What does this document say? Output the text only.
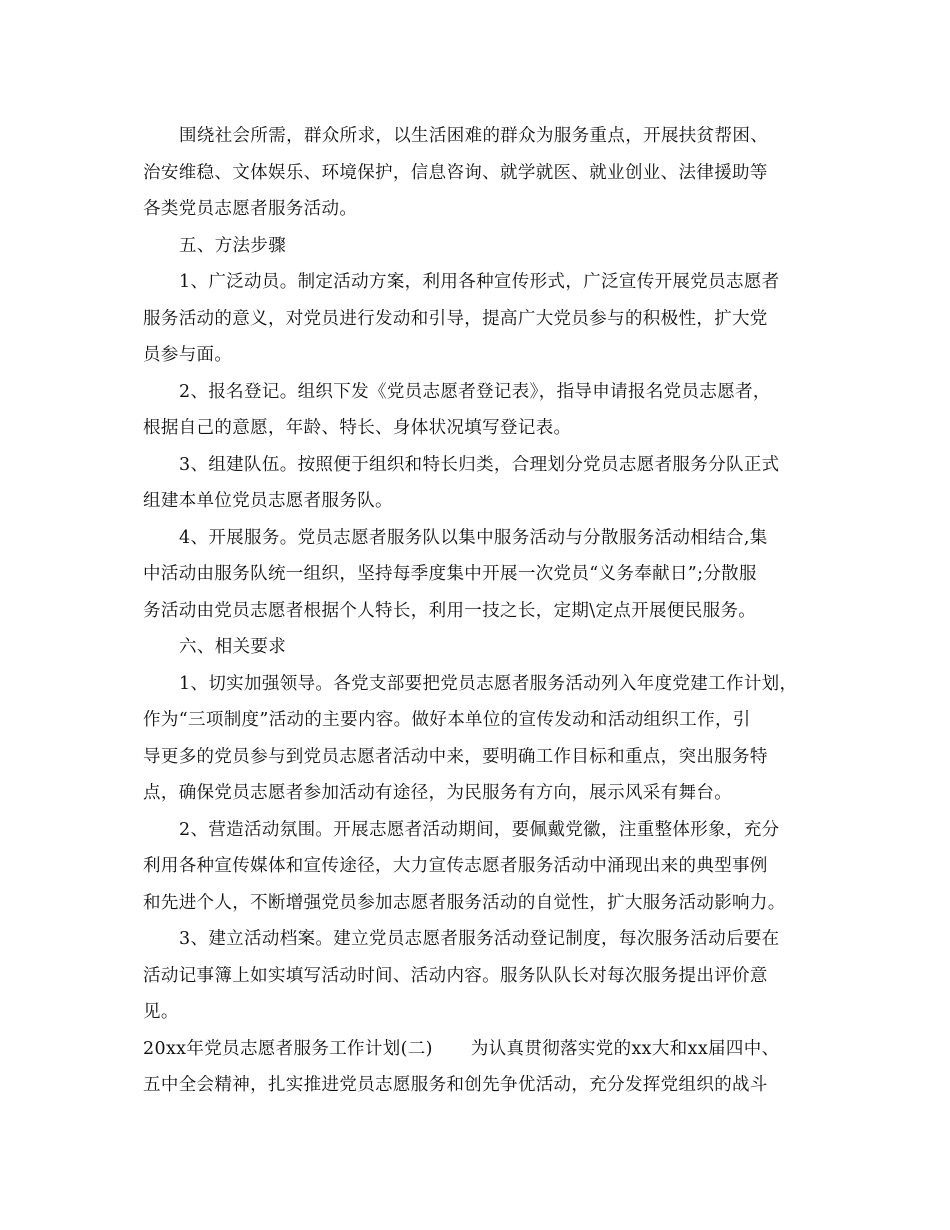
围绕社会所需，群众所求，以生活困难的群众为服务重点，开展扶贫帮困、
治安维稳、文体娱乐、环境保护，信息咨询、就学就医、就业创业、法律援助等
各类党员志愿者服务活动。
五、方法步骤
1、广泛动员。制定活动方案，利用各种宣传形式，广泛宣传开展党员志愿者
服务活动的意义，对党员进行发动和引导，提高广大党员参与的积极性，扩大党
员参与面。
2、报名登记。组织下发《党员志愿者登记表》，指导申请报名党员志愿者，
根据自己的意愿，年龄、特长、身体状况填写登记表。
3、组建队伍。按照便于组织和特长归类，合理划分党员志愿者服务分队正式
组建本单位党员志愿者服务队。
4、开展服务。党员志愿者服务队以集中服务活动与分散服务活动相结合,集
中活动由服务队统一组织，坚持每季度集中开展一次党员“义务奉献日”;分散服
务活动由党员志愿者根据个人特长，利用一技之长，定期\定点开展便民服务。
六、相关要求
1、切实加强领导。各党支部要把党员志愿者服务活动列入年度党建工作计划，
作为“三项制度”活动的主要内容。做好本单位的宣传发动和活动组织工作，引
导更多的党员参与到党员志愿者活动中来，要明确工作目标和重点，突出服务特
点，确保党员志愿者参加活动有途径，为民服务有方向，展示风采有舞台。
2、营造活动氛围。开展志愿者活动期间，要佩戴党徽，注重整体形象，充分
利用各种宣传媒体和宣传途径，大力宣传志愿者服务活动中涌现出来的典型事例
和先进个人，不断增强党员参加志愿者服务活动的自觉性，扩大服务活动影响力。
3、建立活动档案。建立党员志愿者服务活动登记制度，每次服务活动后要在
活动记事簿上如实填写活动时间、活动内容。服务队队长对每次服务提出评价意
见。
20xx年党员志愿者服务工作计划(二) 为认真贯彻落实党的xx大和xx届四中、
五中全会精神，扎实推进党员志愿服务和创先争优活动，充分发挥党组织的战斗
